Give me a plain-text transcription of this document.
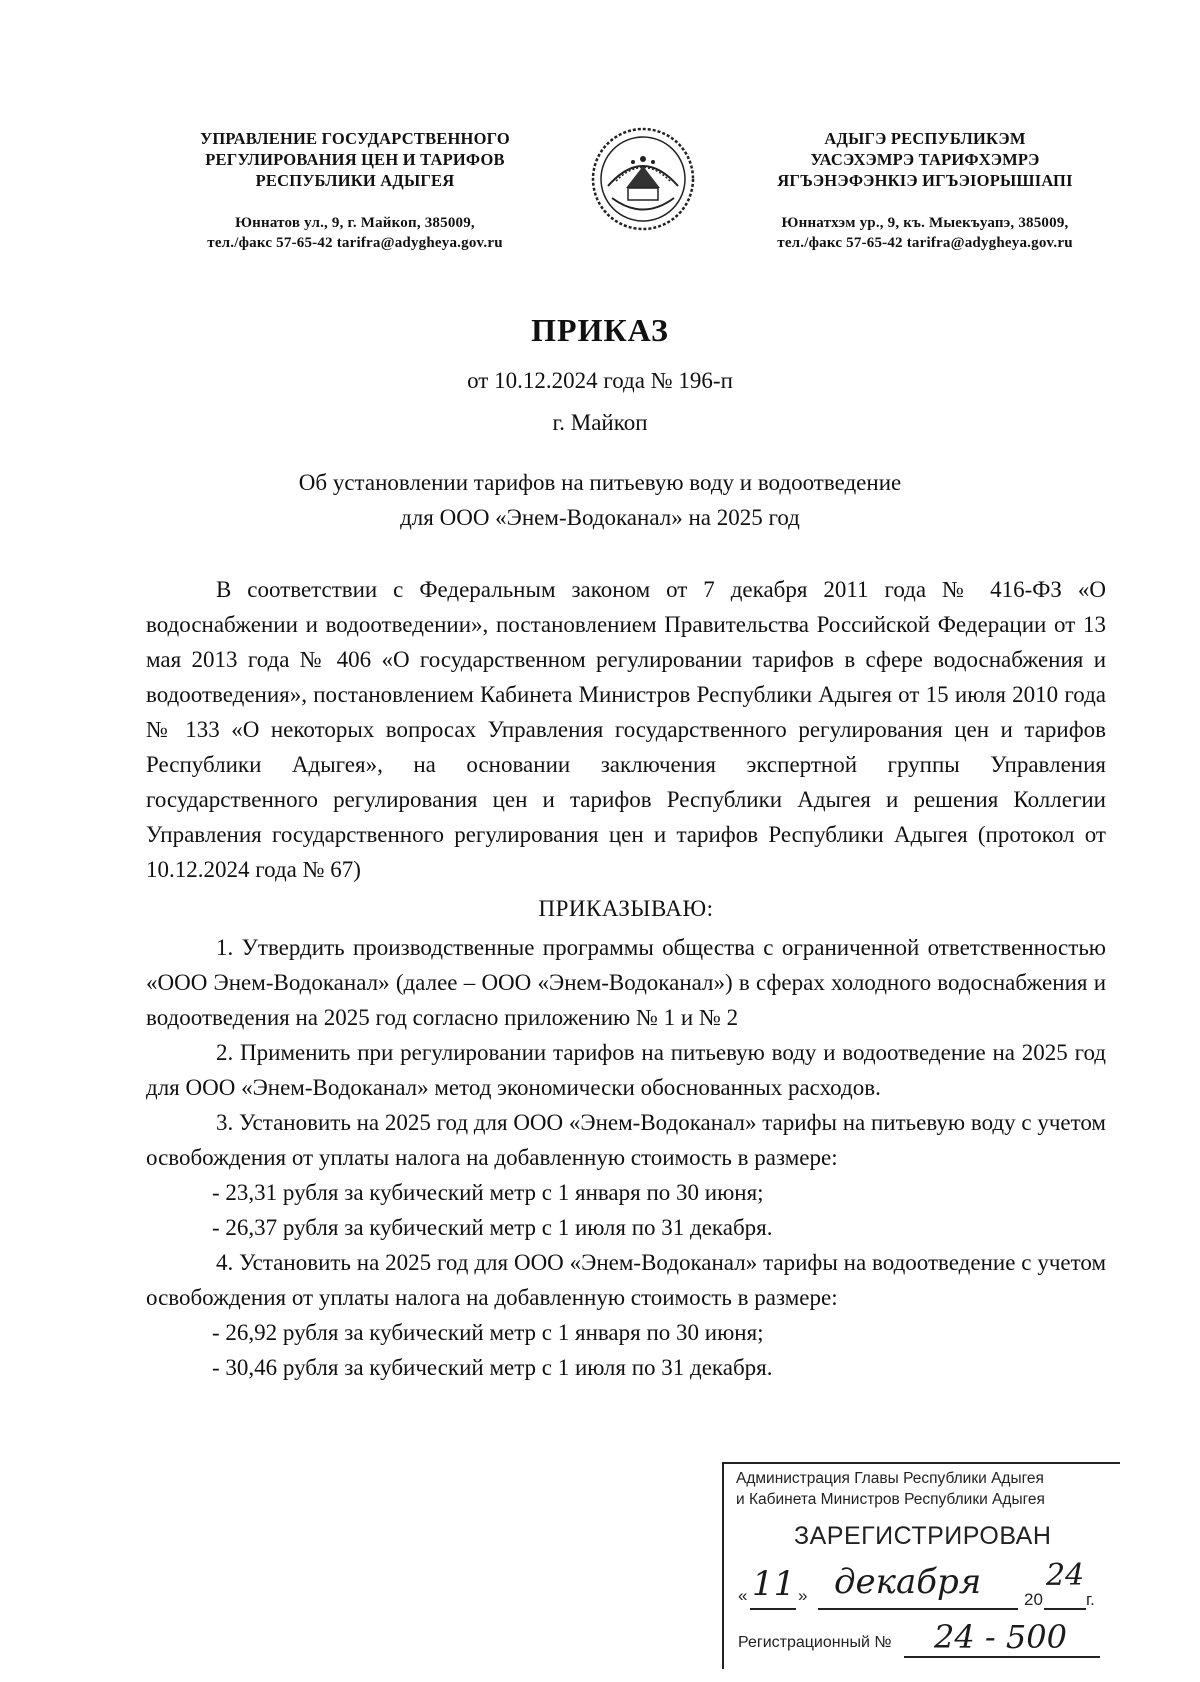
УПРАВЛЕНИЕ ГОСУДАРСТВЕННОГО
РЕГУЛИРОВАНИЯ ЦЕН И ТАРИФОВ
РЕСПУБЛИКИ АДЫГЕЯ
Юннатов ул., 9, г. Майкоп, 385009,
тел./факс 57-65-42 tarifra@adygheya.gov.ru
АДЫГЭ РЕСПУБЛИКЭМ
УАСЭХЭМРЭ ТАРИФХЭМРЭ
ЯГЪЭНЭФЭНКIЭ ИГЪЭIОРЫШIАПI
Юннатхэм ур., 9, къ. Мыекъуапэ, 385009,
тел./факс 57-65-42 tarifra@adygheya.gov.ru
ПРИКАЗ
от 10.12.2024 года № 196-п
г. Майкоп
Об установлении тарифов на питьевую воду и водоотведение
для ООО «Энем-Водоканал» на 2025 год

В соответствии с Федеральным законом от 7 декабря 2011 года № 416-ФЗ «О водоснабжении и водоотведении», постановлением Правительства Российской Федерации от 13 мая 2013 года № 406 «О государственном регулировании тарифов в сфере водоснабжения и водоотведения», постановлением Кабинета Министров Республики Адыгея от 15 июля 2010 года № 133 «О некоторых вопросах Управления государственного регулирования цен и тарифов Республики Адыгея», на основании заключения экспертной группы Управления государственного регулирования цен и тарифов Республики Адыгея и решения Коллегии Управления государственного регулирования цен и тарифов Республики Адыгея (протокол от 10.12.2024 года № 67)

ПРИКАЗЫВАЮ:

1. Утвердить производственные программы общества с ограниченной ответственностью «ООО Энем-Водоканал» (далее – ООО «Энем-Водоканал») в сферах холодного водоснабжения и водоотведения на 2025 год согласно приложению № 1 и № 2

2. Применить при регулировании тарифов на питьевую воду и водоотведение на 2025 год для ООО «Энем-Водоканал» метод экономически обоснованных расходов.

3. Установить на 2025 год для ООО «Энем-Водоканал» тарифы на питьевую воду с учетом освобождения от уплаты налога на добавленную стоимость в размере:

- 23,31 рубля за кубический метр с 1 января по 30 июня;

- 26,37 рубля за кубический метр с 1 июля по 31 декабря.

4. Установить на 2025 год для ООО «Энем-Водоканал» тарифы на водоотведение с учетом освобождения от уплаты налога на добавленную стоимость в размере:

- 26,92 рубля за кубический метр с 1 января по 30 июня;

- 30,46 рубля за кубический метр с 1 июля по 31 декабря.

Администрация Главы Республики Адыгея
и Кабинета Министров Республики Адыгея
ЗАРЕГИСТРИРОВАН
« 11 » декабря	20
24
г.
Регистрационный № 24 - 500
